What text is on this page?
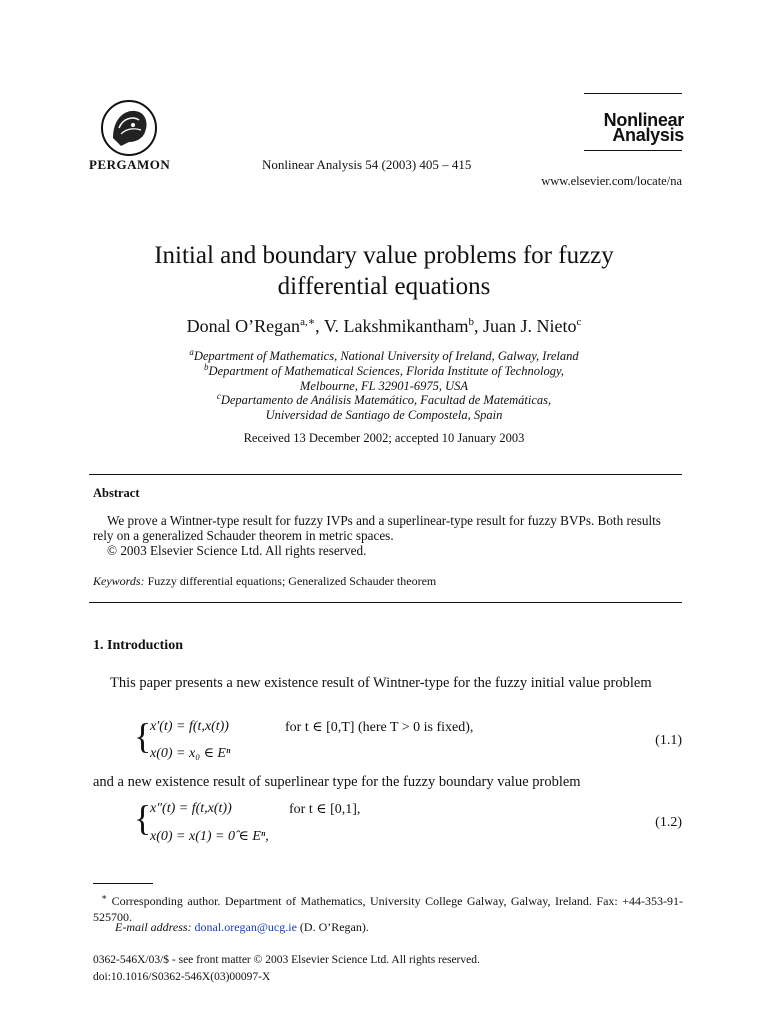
PERGAMON	Nonlinear Analysis 54 (2003) 405 – 415
Nonlinear
Analysis
www.elsevier.com/locate/na
Initial and boundary value problems for fuzzy
differential equations
Donal O’Regan$^{a,∗}$, V. Lakshmikantham$^b$, Juan J. Nieto$^c$
$^a$Department of Mathematics, National University of Ireland, Galway, Ireland
$^b$Department of Mathematical Sciences, Florida Institute of Technology,
Melbourne, FL 32901-6975, USA
$^c$Departamento de Análisis Matemático, Facultad de Matemáticas,
Universidad de Santiago de Compostela, Spain
Received 13 December 2002; accepted 10 January 2003
Abstract
We prove a Wintner-type result for fuzzy IVPs and a superlinear-type result for fuzzy BVPs. Both results rely on a generalized Schauder theorem in metric spaces.
© 2003 Elsevier Science Ltd. All rights reserved.
Keywords: Fuzzy differential equations; Generalized Schauder theorem
1. Introduction
This paper presents a new existence result of Wintner-type for the fuzzy initial value problem
{
x′(t) = f(t,x(t))	for t ∈ [0,T] (here T > 0 is fixed),
x(0) = x₀ ∈ Eⁿ
(1.1)
and a new existence result of superlinear type for the fuzzy boundary value problem
{
x″(t) = f(t,x(t))	for t ∈ [0,1],
x(0) = x(1) = 0̂ ∈ Eⁿ,
(1.2)
∗ Corresponding author. Department of Mathematics, University College Galway, Galway, Ireland. Fax: +44-353-91-525700.
E-mail address: donal.oregan@ucg.ie (D. O’Regan).
0362-546X/03/$ - see front matter © 2003 Elsevier Science Ltd. All rights reserved.
doi:10.1016/S0362-546X(03)00097-X
